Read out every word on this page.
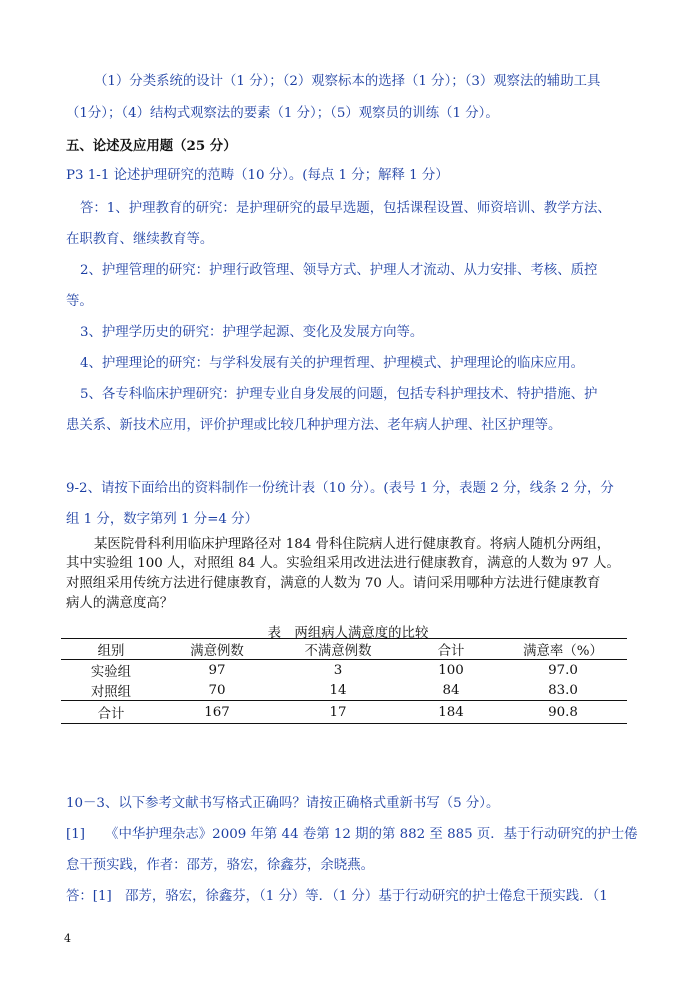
（1）分类系统的设计（1 分）；（2）观察标本的选择（1 分）；（3）观察法的辅助工具
（1分）；（4）结构式观察法的要素（1 分）；（5）观察员的训练（1 分）。
五、论述及应用题（25 分）
P3 1-1 论述护理研究的范畴（10 分）。(每点 1 分；解释 1 分）
答：1、护理教育的研究：是护理研究的最早选题，包括课程设置、师资培训、教学方法、
在职教育、继续教育等。
2、护理管理的研究：护理行政管理、领导方式、护理人才流动、从力安排、考核、质控
等。
3、护理学历史的研究：护理学起源、变化及发展方向等。
4、护理理论的研究：与学科发展有关的护理哲理、护理模式、护理理论的临床应用。
5、各专科临床护理研究：护理专业自身发展的问题，包括专科护理技术、特护措施、护
患关系、新技术应用，评价护理或比较几种护理方法、老年病人护理、社区护理等。
9-2、请按下面给出的资料制作一份统计表（10 分）。(表号 1 分，表题 2 分，线条 2 分，分
组 1 分，数字第列 1 分=4 分）
某医院骨科利用临床护理路径对 184 骨科住院病人进行健康教育。将病人随机分两组，
其中实验组 100 人，对照组 84 人。实验组采用改进法进行健康教育，满意的人数为 97 人。
对照组采用传统方法进行健康教育，满意的人数为 70 人。请问采用哪种方法进行健康教育
病人的满意度高？
表　两组病人满意度的比较
组别	满意例数	不满意例数	合计	满意率（%）
实验组	97	3	100	97.0
对照组	70	14	84	83.0
合计	167	17	184	90.8
10－3、以下参考文献书写格式正确吗？请按正确格式重新书写（5 分）。
[1]　　《中华护理杂志》2009 年第 44 卷第 12 期的第 882 至 885 页．基于行动研究的护士倦
怠干预实践，作者：邵芳，骆宏，徐鑫芬，余晓燕。
答：[1]　邵芳，骆宏，徐鑫芬，（1 分）等．（1 分）基于行动研究的护士倦怠干预实践．（1
4
